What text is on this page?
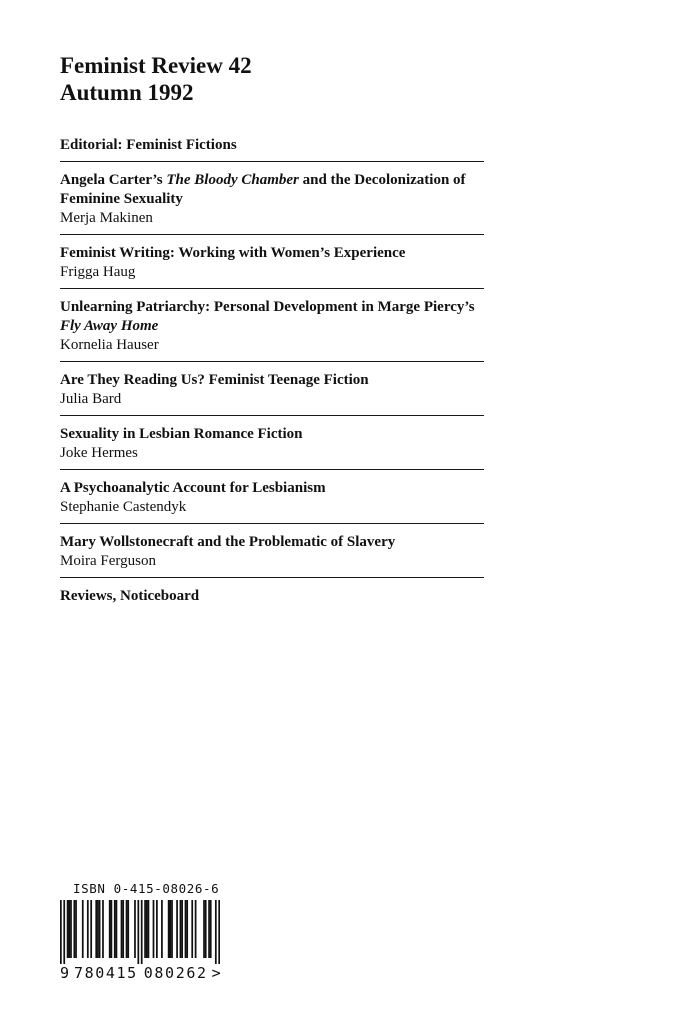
Feminist Review 42
Autumn 1992
Editorial: Feminist Fictions
Angela Carter’s The Bloody Chamber and the Decolonization of Feminine Sexuality
Merja Makinen
Feminist Writing: Working with Women’s Experience
Frigga Haug
Unlearning Patriarchy: Personal Development in Marge Piercy’s Fly Away Home
Kornelia Hauser
Are They Reading Us? Feminist Teenage Fiction
Julia Bard
Sexuality in Lesbian Romance Fiction
Joke Hermes
A Psychoanalytic Account for Lesbianism
Stephanie Castendyk
Mary Wollstonecraft and the Problematic of Slavery
Moira Ferguson
Reviews, Noticeboard
ISBN 0-415-08026-6
9 780415 080262 >
